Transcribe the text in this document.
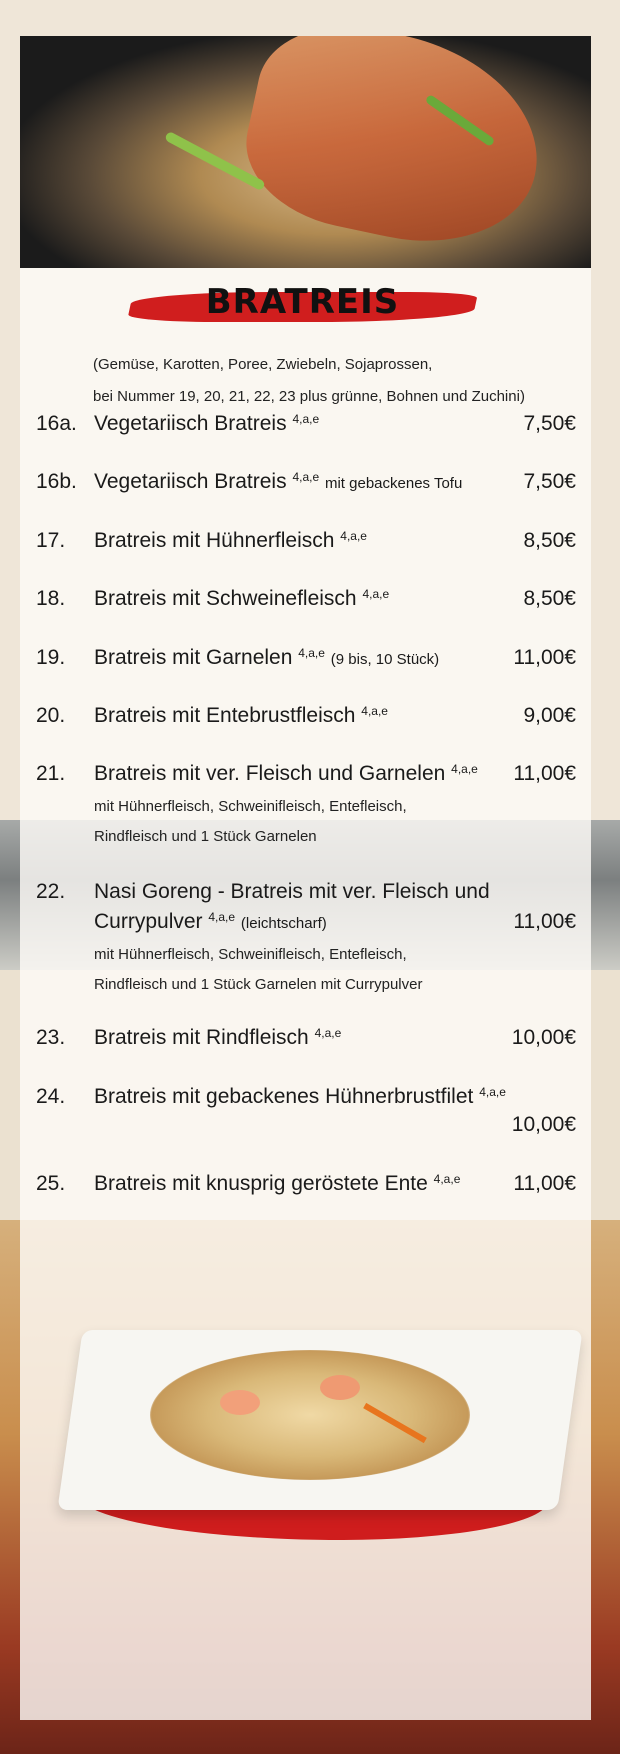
BRATREIS
(Gemüse, Karotten, Poree, Zwiebeln, Sojaprossen,
bei Nummer 19, 20, 21, 22, 23 plus grünne, Bohnen und Zuchini)
16a. Vegetariisch Bratreis $^{4,a,e}$	7,50€
16b. Vegetariisch Bratreis $^{4,a,e}$ mit gebackenes Tofu	7,50€
17. Bratreis mit Hühnerfleisch $^{4,a,e}$	8,50€
18. Bratreis mit Schweinefleisch $^{4,a,e}$	8,50€
19. Bratreis mit Garnelen $^{4,a,e}$ (9 bis, 10 Stück)	11,00€
20. Bratreis mit Entebrustfleisch $^{4,a,e}$	9,00€
21. Bratreis mit ver. Fleisch und Garnelen $^{4,a,e}$ 11,00€
mit Hühnerfleisch, Schweinifleisch, Entefleisch,
Rindfleisch und 1 Stück Garnelen
22. Nasi Goreng - Bratreis mit ver. Fleisch und
Currypulver $^{4,a,e}$ (leichtscharf)	11,00€
mit Hühnerfleisch, Schweinifleisch, Entefleisch,
Rindfleisch und 1 Stück Garnelen mit Currypulver
23. Bratreis mit Rindfleisch $^{4,a,e}$	10,00€
24. Bratreis mit gebackenes Hühnerbrustfilet $^{4,a,e}$
10,00€
25. Bratreis mit knusprig geröstete Ente $^{4,a,e}$	11,00€
